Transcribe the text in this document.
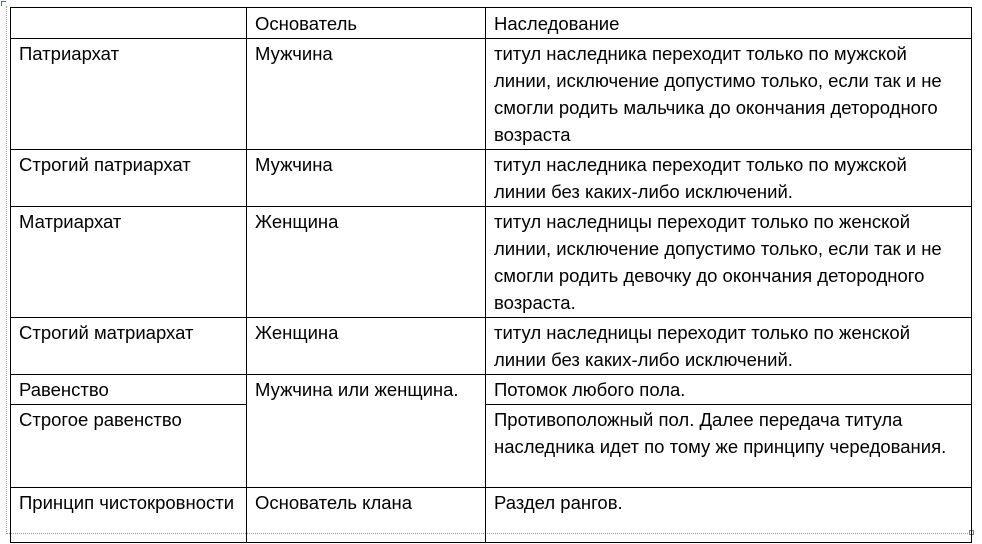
	Основатель	Наследование
Патриархат	Мужчина	титул наследника переходит только по мужской линии, исключение допустимо только, если так и не смогли родить мальчика до окончания детородного возраста
Строгий патриархат	Мужчина	титул наследника переходит только по мужской линии без каких-либо исключений.
Матриархат	Женщина	титул наследницы переходит только по женской линии, исключение допустимо только, если так и не смогли родить девочку до окончания детородного возраста.
Строгий матриархат	Женщина	титул наследницы переходит только по женской линии без каких-либо исключений.
Равенство	Мужчина или женщина.	Потомок любого пола.
Строгое равенство		Противоположный пол. Далее передача титула наследника идет по тому же принципу чередования.
Принцип чистокровности	Основатель клана	Раздел рангов.
